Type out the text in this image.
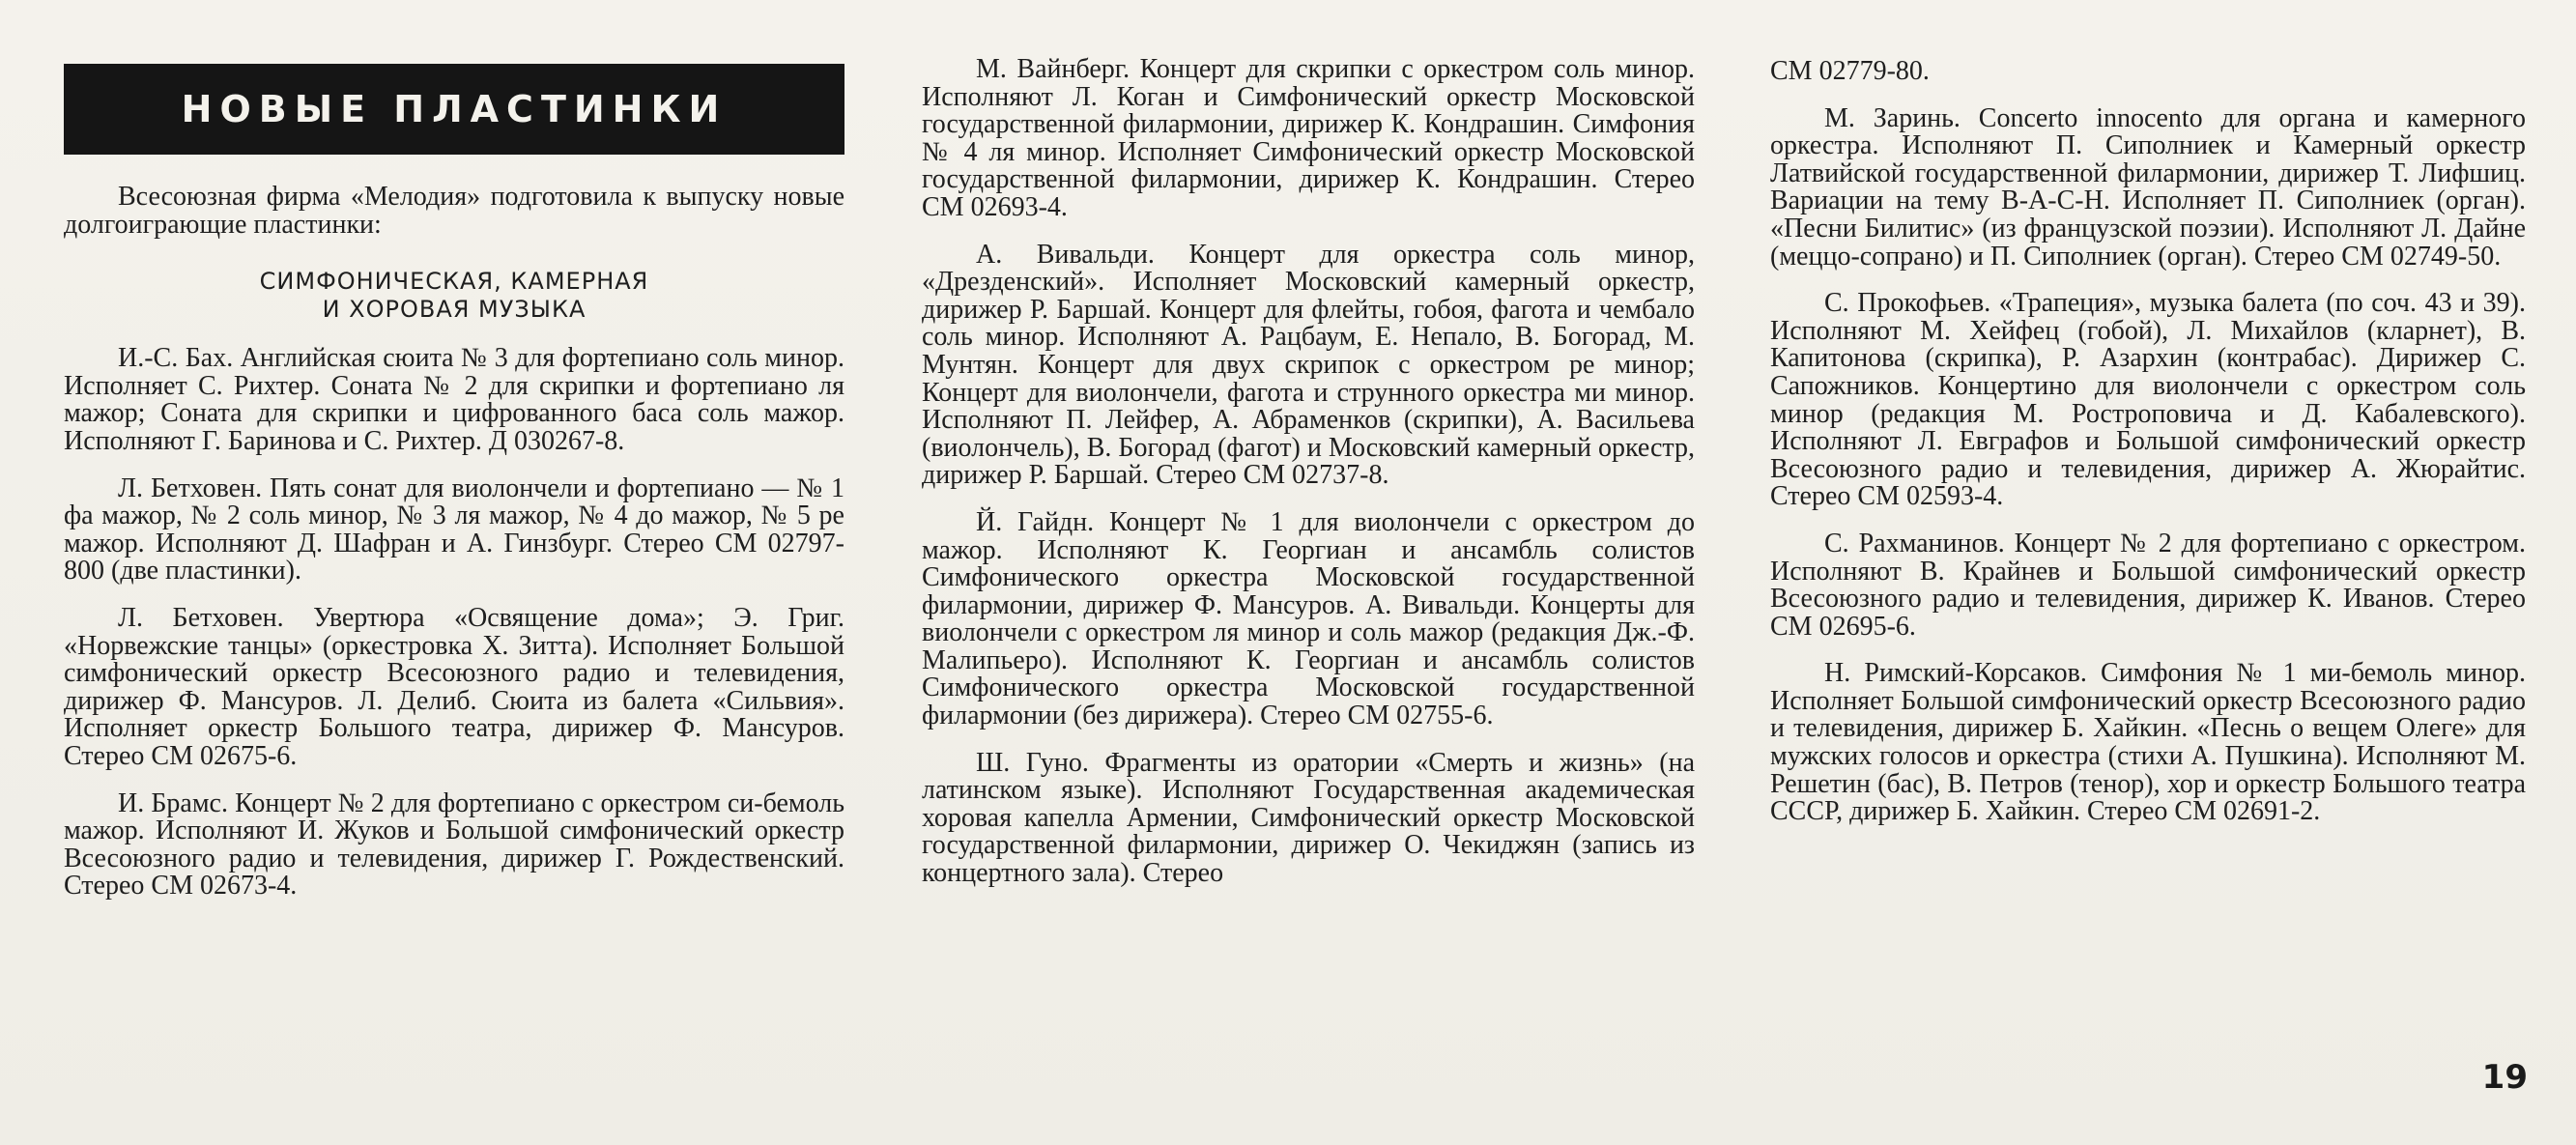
НОВЫЕ ПЛАСТИНКИ

Всесоюзная фирма «Мелодия» подготовила к выпуску новые долгоиграющие пластинки:

СИМФОНИЧЕСКАЯ, КАМЕРНАЯ
И ХОРОВАЯ МУЗЫКА

И.-С. Бах. Английская сюита № 3 для фортепиано соль минор. Исполняет С. Рихтер. Соната № 2 для скрипки и фортепиано ля мажор; Соната для скрипки и цифрованного баса соль мажор. Исполняют Г. Баринова и С. Рихтер. Д 030267-8.

Л. Бетховен. Пять сонат для виолончели и фортепиано — № 1 фа мажор, № 2 соль минор, № 3 ля мажор, № 4 до мажор, № 5 ре мажор. Исполняют Д. Шафран и А. Гинзбург. Стерео СМ 02797-800 (две пластинки).

Л. Бетховен. Увертюра «Освящение дома»; Э. Григ. «Норвежские танцы» (оркестровка Х. Зитта). Исполняет Большой симфонический оркестр Всесоюзного радио и телевидения, дирижер Ф. Мансуров. Л. Делиб. Сюита из балета «Сильвия». Исполняет оркестр Большого театра, дирижер Ф. Мансуров. Стерео СМ 02675-6.

И. Брамс. Концерт № 2 для фортепиано с оркестром си-бемоль мажор. Исполняют И. Жуков и Большой симфонический оркестр Всесоюзного радио и телевидения, дирижер Г. Рождественский. Стерео СМ 02673-4.

М. Вайнберг. Концерт для скрипки с оркестром соль минор. Исполняют Л. Коган и Симфонический оркестр Московской государственной филармонии, дирижер К. Кондрашин. Симфония № 4 ля минор. Исполняет Симфонический оркестр Московской государственной филармонии, дирижер К. Кондрашин. Стерео СМ 02693-4.

А. Вивальди. Концерт для оркестра соль минор, «Дрезденский». Исполняет Московский камерный оркестр, дирижер Р. Баршай. Концерт для флейты, гобоя, фагота и чембало соль минор. Исполняют А. Рацбаум, Е. Непало, В. Богорад, М. Мунтян. Концерт для двух скрипок с оркестром ре минор; Концерт для виолончели, фагота и струнного оркестра ми минор. Исполняют П. Лейфер, А. Абраменков (скрипки), А. Васильева (виолончель), В. Богорад (фагот) и Московский камерный оркестр, дирижер Р. Баршай. Стерео СМ 02737-8.

Й. Гайдн. Концерт № 1 для виолончели с оркестром до мажор. Исполняют К. Георгиан и ансамбль солистов Симфонического оркестра Московской государственной филармонии, дирижер Ф. Мансуров. А. Вивальди. Концерты для виолончели с оркестром ля минор и соль мажор (редакция Дж.-Ф. Малипьеро). Исполняют К. Георгиан и ансамбль солистов Симфонического оркестра Московской государственной филармонии (без дирижера). Стерео СМ 02755-6.

Ш. Гуно. Фрагменты из оратории «Смерть и жизнь» (на латинском языке). Исполняют Государственная академическая хоровая капелла Армении, Симфонический оркестр Московской государственной филармонии, дирижер О. Чекиджян (запись из концертного зала). Стерео

СМ 02779-80.

М. Заринь. Concerto innocento для органа и камерного оркестра. Исполняют П. Сиполниек и Камерный оркестр Латвийской государственной филармонии, дирижер Т. Лифшиц. Вариации на тему B-A-C-H. Исполняет П. Сиполниек (орган). «Песни Билитис» (из французской поэзии). Исполняют Л. Дайне (меццо-сопрано) и П. Сиполниек (орган). Стерео СМ 02749-50.

С. Прокофьев. «Трапеция», музыка балета (по соч. 43 и 39). Исполняют М. Хейфец (гобой), Л. Михайлов (кларнет), В. Капитонова (скрипка), Р. Азархин (контрабас). Дирижер С. Сапожников. Концертино для виолончели с оркестром соль минор (редакция М. Ростроповича и Д. Кабалевского). Исполняют Л. Евграфов и Большой симфонический оркестр Всесоюзного радио и телевидения, дирижер А. Жюрайтис. Стерео СМ 02593-4.

С. Рахманинов. Концерт № 2 для фортепиано с оркестром. Исполняют В. Крайнев и Большой симфонический оркестр Всесоюзного радио и телевидения, дирижер К. Иванов. Стерео СМ 02695-6.

Н. Римский-Корсаков. Симфония № 1 ми-бемоль минор. Исполняет Большой симфонический оркестр Всесоюзного радио и телевидения, дирижер Б. Хайкин. «Песнь о вещем Олеге» для мужских голосов и оркестра (стихи А. Пушкина). Исполняют М. Решетин (бас), В. Петров (тенор), хор и оркестр Большого театра СССР, дирижер Б. Хайкин. Стерео СМ 02691-2.

19
